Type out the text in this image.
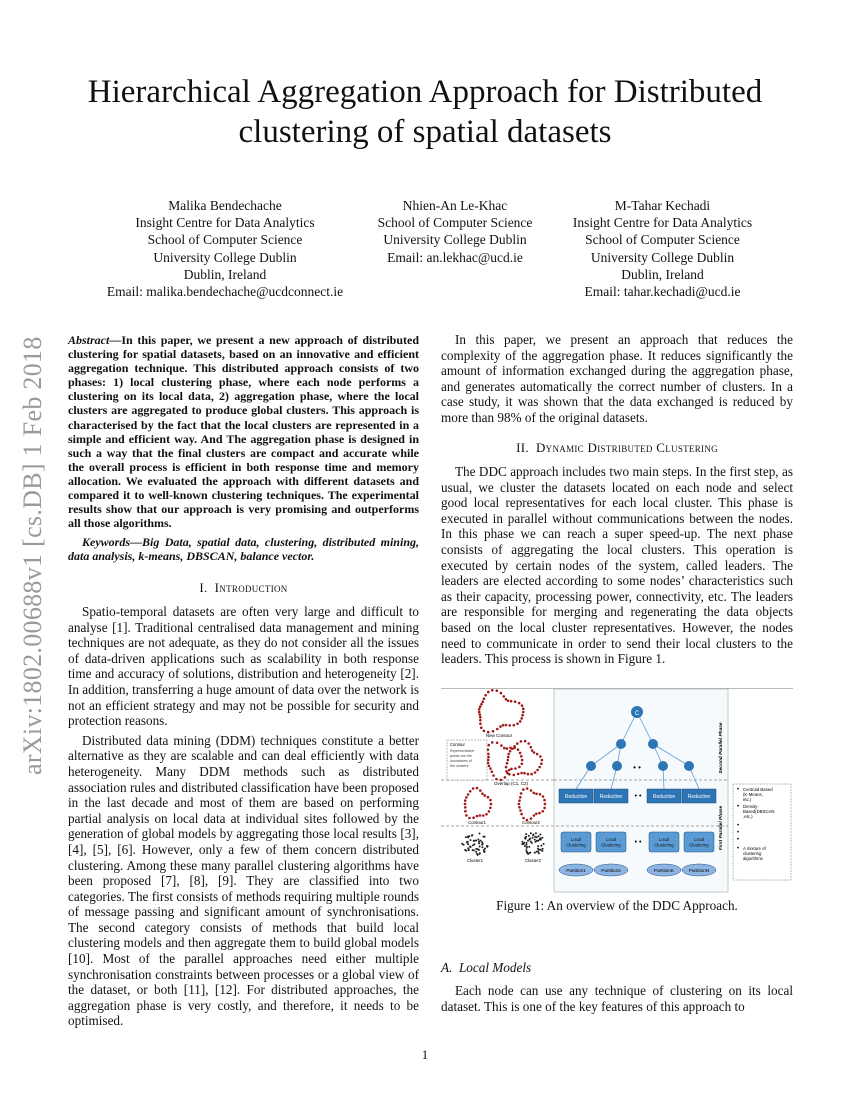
Hierarchical Aggregation Approach for Distributed
clustering of spatial datasets
Malika Bendechache
Insight Centre for Data Analytics
School of Computer Science
University College Dublin
Dublin, Ireland
Email: malika.bendechache@ucdconnect.ie
Nhien-An Le-Khac
School of Computer Science
University College Dublin
Email: an.lekhac@ucd.ie
M-Tahar Kechadi
Insight Centre for Data Analytics
School of Computer Science
University College Dublin
Dublin, Ireland
Email: tahar.kechadi@ucd.ie
arXiv:1802.00688v1 [cs.DB] 1 Feb 2018 Abstract—In this paper, we present a new approach of distributed clustering for spatial datasets, based on an innovative and efficient aggregation technique. This distributed approach consists of two phases: 1) local clustering phase, where each node performs a clustering on its local data, 2) aggregation phase, where the local clusters are aggregated to produce global clusters. This approach is characterised by the fact that the local clusters are represented in a simple and efficient way. And The aggregation phase is designed in such a way that the final clusters are compact and accurate while the overall process is efficient in both response time and memory allocation. We evaluated the approach with different datasets and compared it to well-known clustering techniques. The experimental results show that our approach is very promising and outperforms all those algorithms.
Keywords—Big Data, spatial data, clustering, distributed mining, data analysis, k-means, DBSCAN, balance vector.
I. Introduction

Spatio-temporal datasets are often very large and difficult to analyse [1]. Traditional centralised data management and mining techniques are not adequate, as they do not consider all the issues of data-driven applications such as scalability in both response time and accuracy of solutions, distribution and heterogeneity [2]. In addition, transferring a huge amount of data over the network is not an efficient strategy and may not be possible for security and protection reasons.

Distributed data mining (DDM) techniques constitute a better alternative as they are scalable and can deal efficiently with data heterogeneity. Many DDM methods such as distributed association rules and distributed classification have been proposed in the last decade and most of them are based on performing partial analysis on local data at individual sites followed by the generation of global models by aggregating those local results [3], [4], [5], [6]. However, only a few of them concern distributed clustering. Among these many parallel clustering algorithms have been proposed [7], [8], [9]. They are classified into two categories. The first consists of methods requiring multiple rounds of message passing and significant amount of synchronisations. The second category consists of methods that build local clustering models and then aggregate them to build global models [10]. Most of the parallel approaches need either multiple synchronisation constraints between processes or a global view of the dataset, or both [11], [12]. For distributed approaches, the aggregation phase is very costly, and therefore, it needs to be optimised.

In this paper, we present an approach that reduces the complexity of the aggregation phase. It reduces significantly the amount of information exchanged during the aggregation phase, and generates automatically the correct number of clusters. In a case study, it was shown that the data exchanged is reduced by more than 98% of the original datasets.

II. Dynamic Distributed Clustering

The DDC approach includes two main steps. In the first step, as usual, we cluster the datasets located on each node and select good local representatives for each local cluster. This phase is executed in parallel without communications between the nodes. In this phase we can reach a super speed-up. The next phase consists of aggregating the local clusters. This operation is executed by certain nodes of the system, called leaders. The leaders are elected according to some nodes’ characteristics such as their capacity, processing power, connectivity, etc. The leaders are responsible for merging and regenerating the data objects based on the local cluster representatives. However, the nodes need to communicate in order to send their local clusters to the leaders. This process is shown in Figure 1.

New Contour
Contour
Representative
points are the
boundaries of
the clusters
Overlap (C1, C2)
Contour1	Contour2
Cluster1	Cluster2
• •
C
Reduction Reduction	Reduction Reduction
Local
Clustering
Local
Clustering
Local
Clustering
Local
Clustering
Partition1	Partition2	PartitionK	PartitionN
• •
• •
Second Parallel Phase
First Parallel Phase
• Centroid Based
(K-Means,
etc.)
• Density-
Based(DBSCAN
,etc.)
•
•
•
• A mixture of
clustering
algorithms
Figure 1: An overview of the DDC Approach.
A. Local Models

Each node can use any technique of clustering on its local dataset. This is one of the key features of this approach to

1
